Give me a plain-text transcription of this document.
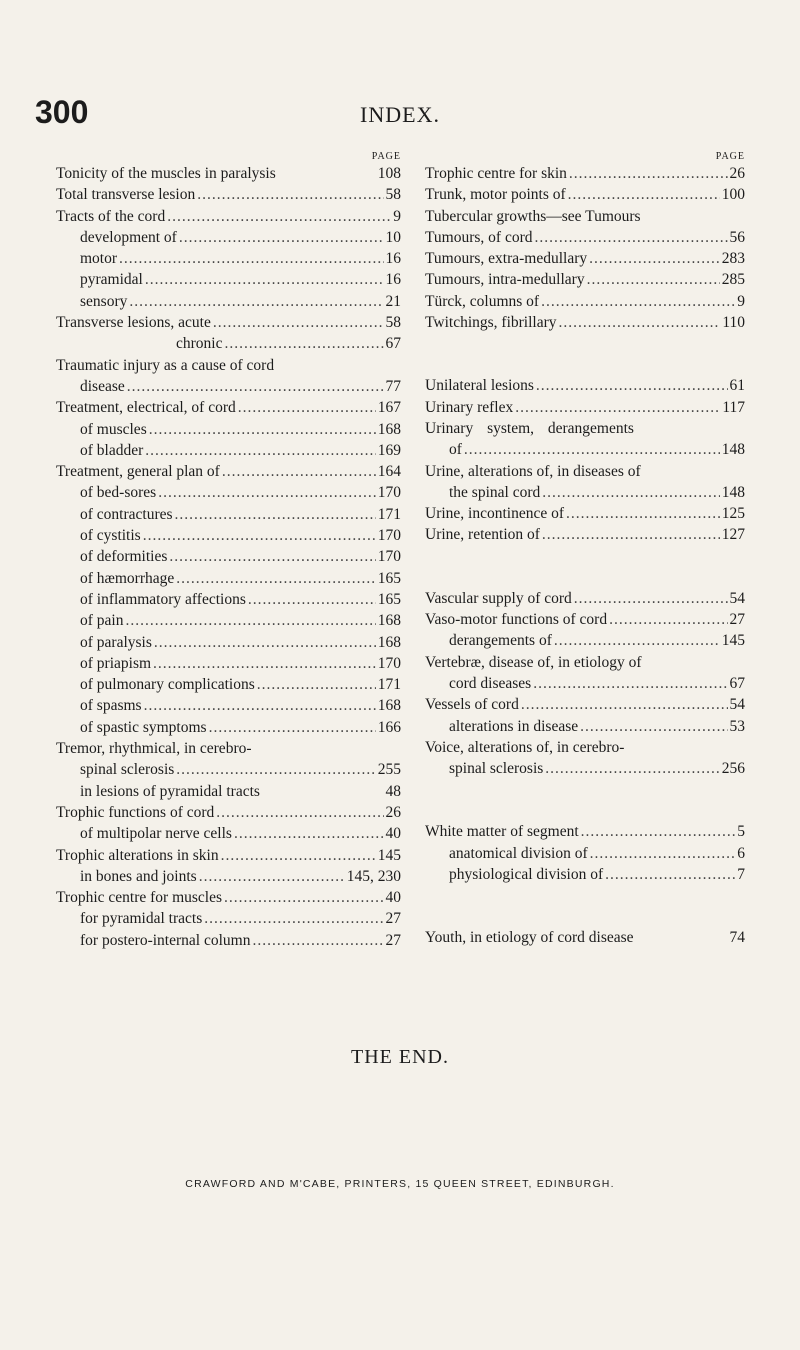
300	INDEX.
PAGE
Tonicity of the muscles in paralysis	108
Total transverse lesion .....	58
Tracts of the cord .....	9
development of .....	10
motor .....	16
pyramidal .....	16
sensory .....	21
Transverse lesions, acute .....	58
chronic .....	67
Traumatic injury as a cause of cord
disease .....	77
Treatment, electrical, of cord .....	167
of muscles .....	168
of bladder .....	169
Treatment, general plan of .....	164
of bed-sores .....	170
of contractures .....	171
of cystitis .....	170
of deformities .....	170
of hæmorrhage .....	165
of inflammatory affections .....	165
of pain .....	168
of paralysis .....	168
of priapism .....	170
of pulmonary complications .....	171
of spasms .....	168
of spastic symptoms .....	166
Tremor, rhythmical, in cerebro-
spinal sclerosis .....	255
in lesions of pyramidal tracts	48
Trophic functions of cord .....	26
of multipolar nerve cells .....	40
Trophic alterations in skin .....	145
in bones and joints .....	145, 230
Trophic centre for muscles .....	40
for pyramidal tracts .....	27
for postero-internal column .....	27
PAGE
Trophic centre for skin .....	26
Trunk, motor points of .....	100
Tubercular growths—see Tumours
Tumours, of cord .....	56
Tumours, extra-medullary .....	283
Tumours, intra-medullary .....	285
Türck, columns of .....	9
Twitchings, fibrillary .....	110
Unilateral lesions .....	61
Urinary reflex .....	117
Urinary system, derangements
of .....	148
Urine, alterations of, in diseases of
the spinal cord .....	148
Urine, incontinence of .....	125
Urine, retention of .....	127
Vascular supply of cord .....	54
Vaso-motor functions of cord .....	27
derangements of .....	145
Vertebræ, disease of, in etiology of
cord diseases .....	67
Vessels of cord .....	54
alterations in disease .....	53
Voice, alterations of, in cerebro-
spinal sclerosis .....	256
White matter of segment .....	5
anatomical division of .....	6
physiological division of .....	7
Youth, in etiology of cord disease	74
THE END.
CRAWFORD AND M'CABE, PRINTERS, 15 QUEEN STREET, EDINBURGH.
